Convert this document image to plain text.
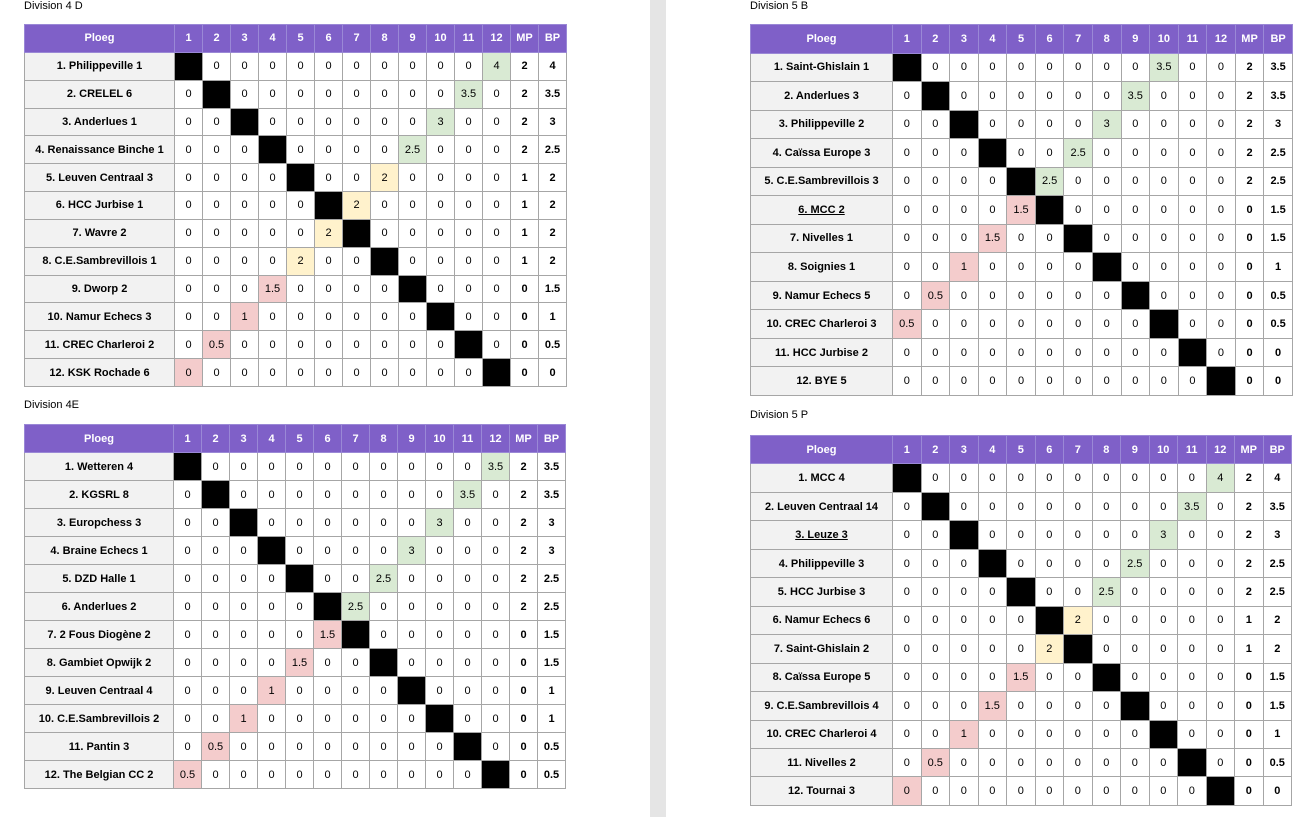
Division 4 D
Division 4E
Division 5 B
Division 5 P
Ploeg	1	2	3	4	5	6	7	8	9	10	11	12	MP	BP
1. Philippeville 1		0	0	0	0	0	0	0	0	0	0	4	2	4
2. CRELEL 6	0		0	0	0	0	0	0	0	0	3.5	0	2	3.5
3. Anderlues 1	0	0		0	0	0	0	0	0	3	0	0	2	3
4. Renaissance Binche 1	0	0	0		0	0	0	0	2.5	0	0	0	2	2.5
5. Leuven Centraal 3	0	0	0	0		0	0	2	0	0	0	0	1	2
6. HCC Jurbise 1	0	0	0	0	0		2	0	0	0	0	0	1	2
7. Wavre 2	0	0	0	0	0	2		0	0	0	0	0	1	2
8. C.E.Sambrevillois 1	0	0	0	0	2	0	0		0	0	0	0	1	2
9. Dworp 2	0	0	0	1.5	0	0	0	0		0	0	0	0	1.5
10. Namur Echecs 3	0	0	1	0	0	0	0	0	0		0	0	0	1
11. CREC Charleroi 2	0	0.5	0	0	0	0	0	0	0	0		0	0	0.5
12. KSK Rochade 6	0	0	0	0	0	0	0	0	0	0	0		0	0
Ploeg	1	2	3	4	5	6	7	8	9	10	11	12	MP	BP
1. Wetteren 4		0	0	0	0	0	0	0	0	0	0	3.5	2	3.5
2. KGSRL 8	0		0	0	0	0	0	0	0	0	3.5	0	2	3.5
3. Europchess 3	0	0		0	0	0	0	0	0	3	0	0	2	3
4. Braine Echecs 1	0	0	0		0	0	0	0	3	0	0	0	2	3
5. DZD Halle 1	0	0	0	0		0	0	2.5	0	0	0	0	2	2.5
6. Anderlues 2	0	0	0	0	0		2.5	0	0	0	0	0	2	2.5
7. 2 Fous Diogène 2	0	0	0	0	0	1.5		0	0	0	0	0	0	1.5
8. Gambiet Opwijk 2	0	0	0	0	1.5	0	0		0	0	0	0	0	1.5
9. Leuven Centraal 4	0	0	0	1	0	0	0	0		0	0	0	0	1
10. C.E.Sambrevillois 2	0	0	1	0	0	0	0	0	0		0	0	0	1
11. Pantin 3	0	0.5	0	0	0	0	0	0	0	0		0	0	0.5
12. The Belgian CC 2	0.5	0	0	0	0	0	0	0	0	0	0		0	0.5
Ploeg	1	2	3	4	5	6	7	8	9	10	11	12	MP	BP
1. Saint-Ghislain 1		0	0	0	0	0	0	0	0	3.5	0	0	2	3.5
2. Anderlues 3	0		0	0	0	0	0	0	3.5	0	0	0	2	3.5
3. Philippeville 2	0	0		0	0	0	0	3	0	0	0	0	2	3
4. Caïssa Europe 3	0	0	0		0	0	2.5	0	0	0	0	0	2	2.5
5. C.E.Sambrevillois 3	0	0	0	0		2.5	0	0	0	0	0	0	2	2.5
6. MCC 2	0	0	0	0	1.5		0	0	0	0	0	0	0	1.5
7. Nivelles 1	0	0	0	1.5	0	0		0	0	0	0	0	0	1.5
8. Soignies 1	0	0	1	0	0	0	0		0	0	0	0	0	1
9. Namur Echecs 5	0	0.5	0	0	0	0	0	0		0	0	0	0	0.5
10. CREC Charleroi 3	0.5	0	0	0	0	0	0	0	0		0	0	0	0.5
11. HCC Jurbise 2	0	0	0	0	0	0	0	0	0	0		0	0	0
12. BYE 5	0	0	0	0	0	0	0	0	0	0	0		0	0
Ploeg	1	2	3	4	5	6	7	8	9	10	11	12	MP	BP
1. MCC 4		0	0	0	0	0	0	0	0	0	0	4	2	4
2. Leuven Centraal 14	0		0	0	0	0	0	0	0	0	3.5	0	2	3.5
3. Leuze 3	0	0		0	0	0	0	0	0	3	0	0	2	3
4. Philippeville 3	0	0	0		0	0	0	0	2.5	0	0	0	2	2.5
5. HCC Jurbise 3	0	0	0	0		0	0	2.5	0	0	0	0	2	2.5
6. Namur Echecs 6	0	0	0	0	0		2	0	0	0	0	0	1	2
7. Saint-Ghislain 2	0	0	0	0	0	2		0	0	0	0	0	1	2
8. Caïssa Europe 5	0	0	0	0	1.5	0	0		0	0	0	0	0	1.5
9. C.E.Sambrevillois 4	0	0	0	1.5	0	0	0	0		0	0	0	0	1.5
10. CREC Charleroi 4	0	0	1	0	0	0	0	0	0		0	0	0	1
11. Nivelles 2	0	0.5	0	0	0	0	0	0	0	0		0	0	0.5
12. Tournai 3	0	0	0	0	0	0	0	0	0	0	0		0	0
